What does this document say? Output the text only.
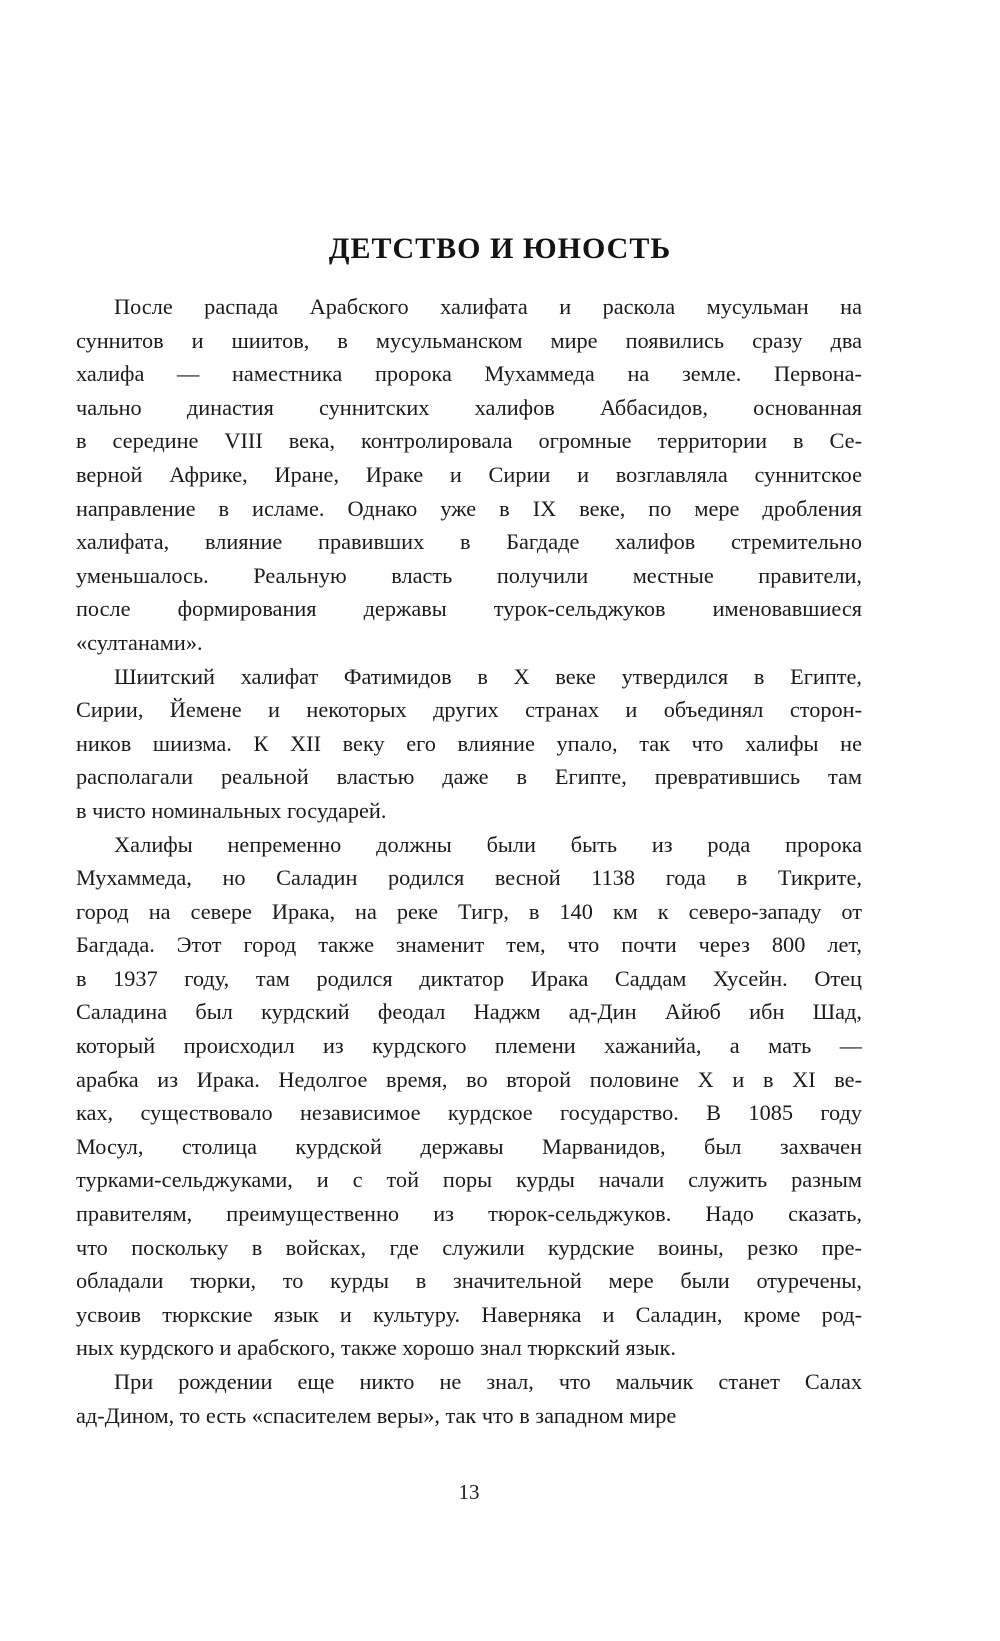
ДЕТСТВО И ЮНОСТЬ
После распада Арабского халифата и раскола мусульман на
суннитов и шиитов, в мусульманском мире появились сразу два
халифа — наместника пророка Мухаммеда на земле. Первона-
чально династия суннитских халифов Аббасидов, основанная
в середине VIII века, контролировала огромные территории в Се-
верной Африке, Иране, Ираке и Сирии и возглавляла суннитское
направление в исламе. Однако уже в IX веке, по мере дробления
халифата, влияние правивших в Багдаде халифов стремительно
уменьшалось. Реальную власть получили местные правители,
после формирования державы турок-сельджуков именовавшиеся
«султанами».
Шиитский халифат Фатимидов в X веке утвердился в Египте,
Сирии, Йемене и некоторых других странах и объединял сторон-
ников шиизма. К XII веку его влияние упало, так что халифы не
располагали реальной властью даже в Египте, превратившись там
в чисто номинальных государей.
Халифы непременно должны были быть из рода пророка
Мухаммеда, но Саладин родился весной 1138 года в Тикрите,
город на севере Ирака, на реке Тигр, в 140 км к северо-западу от
Багдада. Этот город также знаменит тем, что почти через 800 лет,
в 1937 году, там родился диктатор Ирака Саддам Хусейн. Отец
Саладина был курдский феодал Наджм ад-Дин Айюб ибн Шад,
который происходил из курдского племени хажанийа, а мать —
арабка из Ирака. Недолгое время, во второй половине X и в XI ве-
ках, существовало независимое курдское государство. В 1085 году
Мосул, столица курдской державы Марванидов, был захвачен
турками-сельджуками, и с той поры курды начали служить разным
правителям, преимущественно из тюрок-сельджуков. Надо сказать,
что поскольку в войсках, где служили курдские воины, резко пре-
обладали тюрки, то курды в значительной мере были отуречены,
усвоив тюркские язык и культуру. Наверняка и Саладин, кроме род-
ных курдского и арабского, также хорошо знал тюркский язык.
При рождении еще никто не знал, что мальчик станет Салах
ад-Дином, то есть «спасителем веры», так что в западном мире
13
